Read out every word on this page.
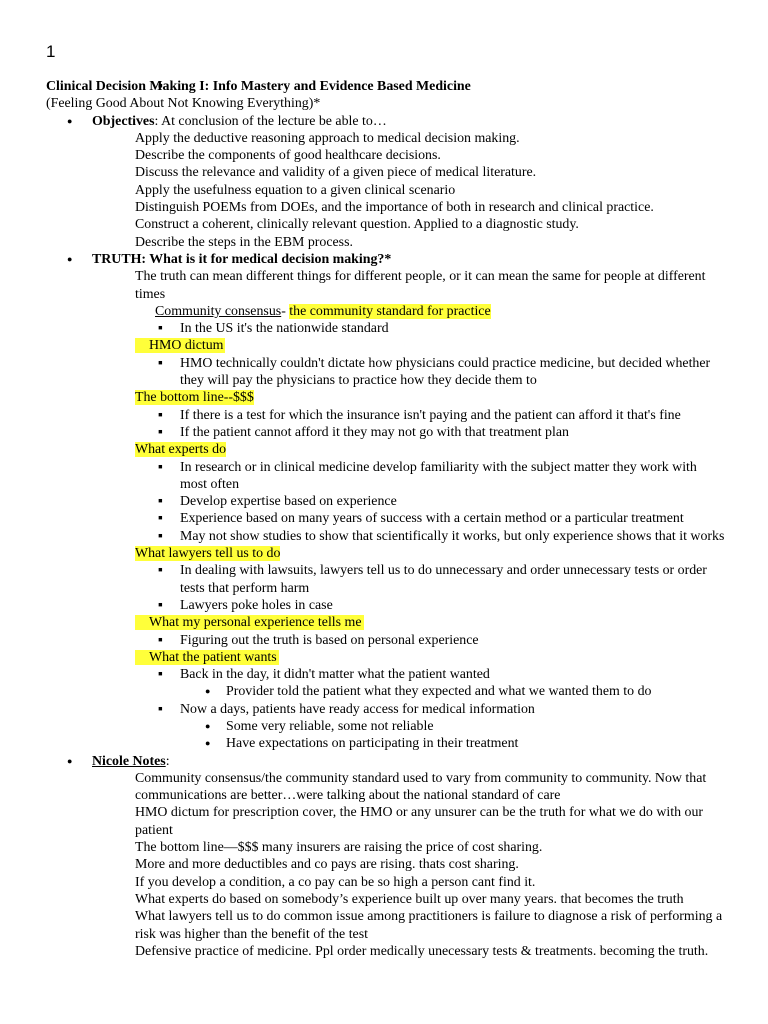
1
Clinical Decision Making I: Info Mastery and Evidence Based Medicine
(Feeling Good About Not Knowing Everything)*
● Objectives: At conclusion of the lecture be able to…
Apply the deductive reasoning approach to medical decision making.
Describe the components of good healthcare decisions.
Discuss the relevance and validity of a given piece of medical literature.
Apply the usefulness equation to a given clinical scenario
Distinguish POEMs from DOEs, and the importance of both in research and clinical practice.
Construct a coherent, clinically relevant question. Applied to a diagnostic study.
Describe the steps in the EBM process.
● TRUTH: What is it for medical decision making?*
The truth can mean different things for different people, or it can mean the same for people at different
times
Community consensus- the community standard for practice
▪ In the US it's the nationwide standard
HMO dictum
▪ HMO technically couldn't dictate how physicians could practice medicine, but decided whether
▪ they will pay the physicians to practice how they decide them to
The bottom line--$$$
▪ If there is a test for which the insurance isn't paying and the patient can afford it that's fine
▪ If the patient cannot afford it they may not go with that treatment plan
What experts do
▪ In research or in clinical medicine develop familiarity with the subject matter they work with
▪ most often
▪ Develop expertise based on experience
▪ Experience based on many years of success with a certain method or a particular treatment
▪ May not show studies to show that scientifically it works, but only experience shows that it works
What lawyers tell us to do
▪ In dealing with lawsuits, lawyers tell us to do unnecessary and order unnecessary tests or order
▪ tests that perform harm
▪ Lawyers poke holes in case
What my personal experience tells me
▪ Figuring out the truth is based on personal experience
What the patient wants
▪ Back in the day, it didn't matter what the patient wanted
● Provider told the patient what they expected and what we wanted them to do
▪ Now a days, patients have ready access for medical information
● Some very reliable, some not reliable
● Have expectations on participating in their treatment
● Nicole Notes:
Community consensus/the community standard used to vary from community to community. Now that
communications are better…were talking about the national standard of care
HMO dictum for prescription cover, the HMO or any unsurer can be the truth for what we do with our
patient
The bottom line—$$$ many insurers are raising the price of cost sharing.
More and more deductibles and co pays are rising. thats cost sharing.
If you develop a condition, a co pay can be so high a person cant find it.
What experts do based on somebody’s experience built up over many years. that becomes the truth
What lawyers tell us to do common issue among practitioners is failure to diagnose a risk of performing a
risk was higher than the benefit of the test
Defensive practice of medicine. Ppl order medically unecessary tests & treatments. becoming the truth.
